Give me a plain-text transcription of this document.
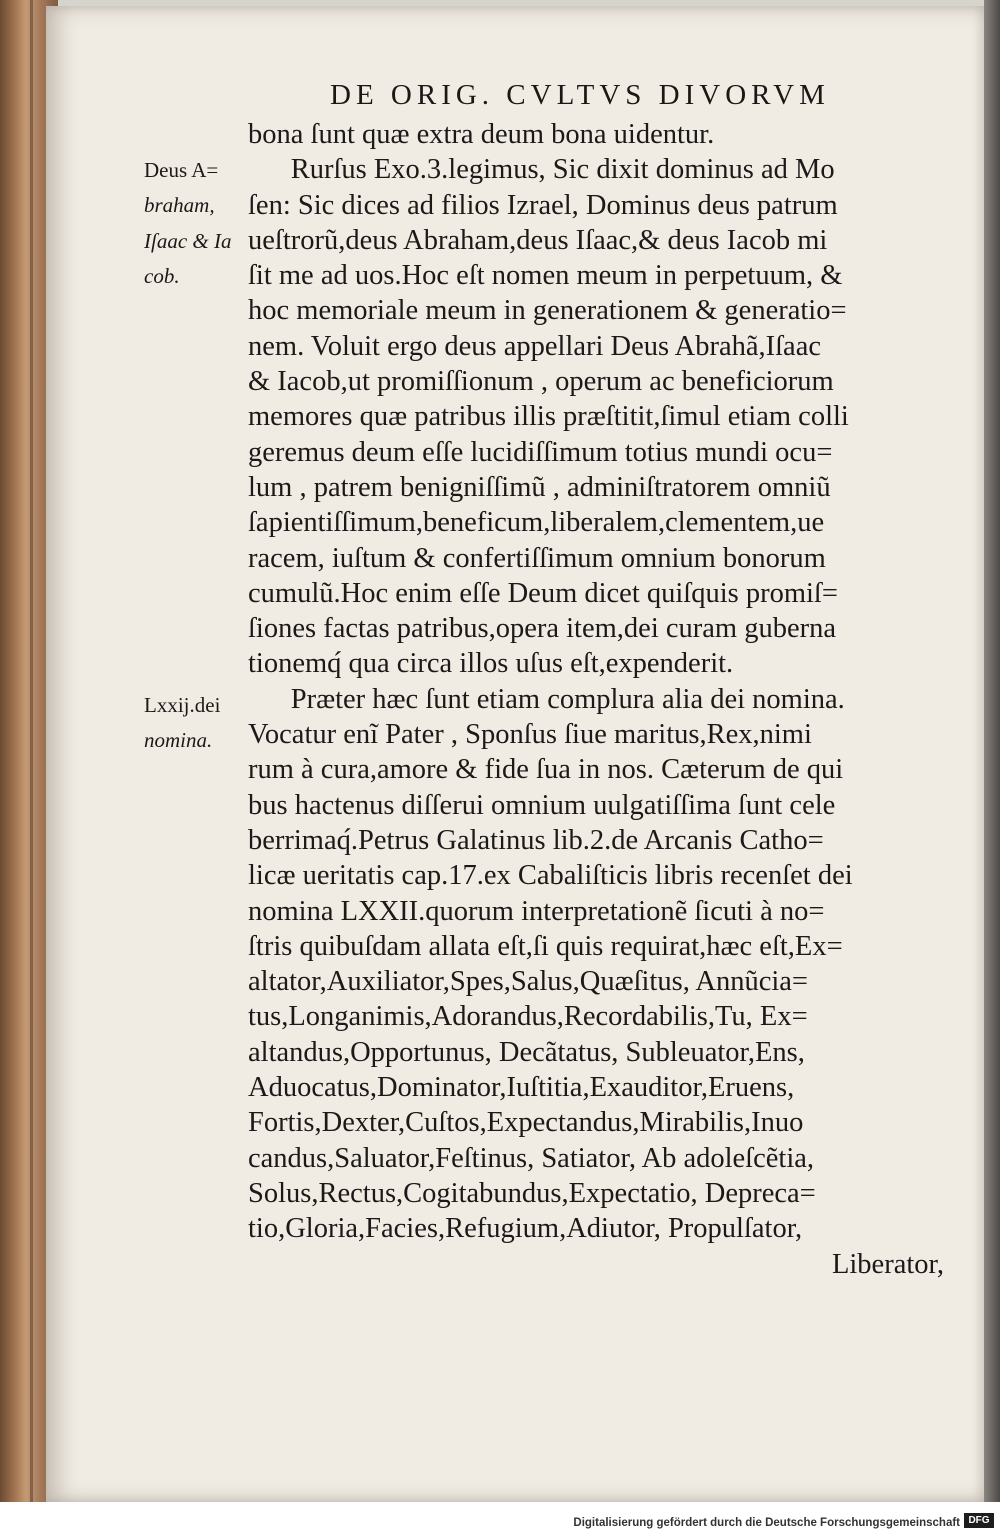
DE ORIG. CVLTVS DIVORVM
Deus A=
braham,
Iſaac & Ia
cob.
Lxxij.dei
nomina.
bona ſunt quæ extra deum bona uidentur.
Rurſus Exo.3.legimus, Sic dixit dominus ad Mo
ſen: Sic dices ad filios Izrael, Dominus deus patrum
ueſtrorũ,deus Abraham,deus Iſaac,& deus Iacob mi
ſit me ad uos.Hoc eſt nomen meum in perpetuum, &
hoc memoriale meum in generationem & generatio=
nem. Voluit ergo deus appellari Deus Abrahã,Iſaac
& Iacob,ut promiſſionum , operum ac beneficiorum
memores quæ patribus illis præſtitit,ſimul etiam colli
geremus deum eſſe lucidiſſimum totius mundi ocu=
lum , patrem benigniſſimũ , adminiſtratorem omniũ
ſapientiſſimum,beneficum,liberalem,clementem,ue
racem, iuſtum & confertiſſimum omnium bonorum
cumulũ.Hoc enim eſſe Deum dicet quiſquis promiſ=
ſiones factas patribus,opera item,dei curam guberna
tionemq́ qua circa illos uſus eſt,expenderit.
Præter hæc ſunt etiam complura alia dei nomina.
Vocatur enĩ Pater , Sponſus ſiue maritus,Rex,nimi
rum à cura,amore & fide ſua in nos. Cæterum de qui
bus hactenus diſſerui omnium uulgatiſſima ſunt cele
berrimaq́.Petrus Galatinus lib.2.de Arcanis Catho=
licæ ueritatis cap.17.ex Cabaliſticis libris recenſet dei
nomina LXXII.quorum interpretationẽ ſicuti à no=
ſtris quibuſdam allata eſt,ſi quis requirat,hæc eſt,Ex=
altator,Auxiliator,Spes,Salus,Quæſitus, Annũcia=
tus,Longanimis,Adorandus,Recordabilis,Tu, Ex=
altandus,Opportunus, Decãtatus, Subleuator,Ens,
Aduocatus,Dominator,Iuſtitia,Exauditor,Eruens,
Fortis,Dexter,Cuſtos,Expectandus,Mirabilis,Inuo
candus,Saluator,Feſtinus, Satiator, Ab adoleſcẽtia,
Solus,Rectus,Cogitabundus,Expectatio, Depreca=
tio,Gloria,Facies,Refugium,Adiutor, Propulſator,
Liberator,
Digitalisierung gefördert durch die Deutsche Forschungsgemeinschaft DFG
